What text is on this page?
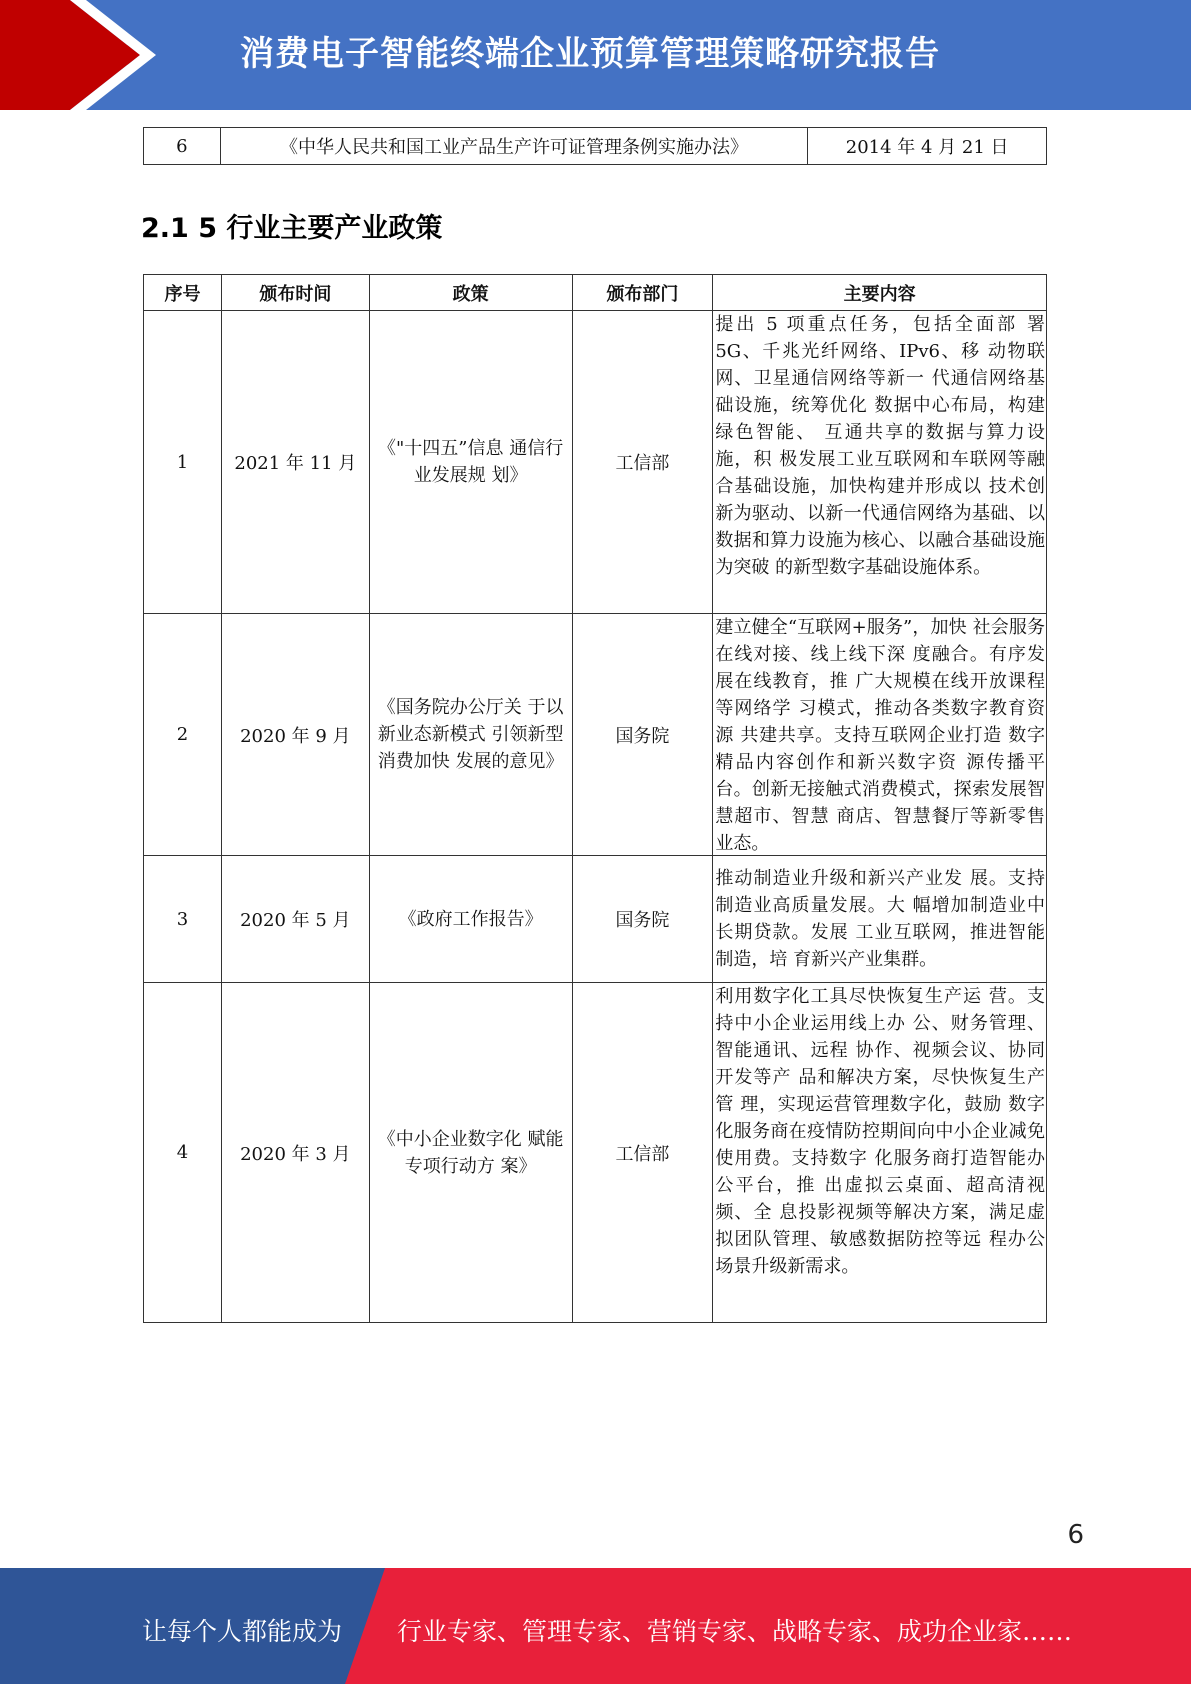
消费电子智能终端企业预算管理策略研究报告
6	《中华人民共和国工业产品生产许可证管理条例实施办法》	2014 年 4 月 21 日
2.1 5 行业主要产业政策
序号	颁布时间	政策	颁布部门	主要内容
1	2021 年 11 月	《"十四五”信息 通信行业发展规 划》	工信部	提出 5 项重点任务，包括全面部 署 5G、千兆光纤网络、IPv6、移 动物联网、卫星通信网络等新一 代通信网络基础设施，统筹优化 数据中心布局，构建绿色智能、 互通共享的数据与算力设施，积 极发展工业互联网和车联网等融 合基础设施，加快构建并形成以 技术创新为驱动、以新一代通信网络为基础、以数据和算力设施为核心、以融合基础设施为突破 的新型数字基础设施体系。

2	2020 年 9 月	《国务院办公厅关 于以新业态新模式 引领新型消费加快 发展的意见》	国务院	建立健全“互联网+服务”，加快 社会服务在线对接、线上线下深 度融合。有序发展在线教育，推 广大规模在线开放课程等网络学 习模式，推动各类数字教育资源 共建共享。支持互联网企业打造 数字精品内容创作和新兴数字资 源传播平台。创新无接触式消费模式，探索发展智慧超市、智慧 商店、智慧餐厅等新零售业态。

3	2020 年 5 月	《政府工作报告》	国务院	推动制造业升级和新兴产业发 展。支持制造业高质量发展。大 幅增加制造业中长期贷款。发展 工业互联网，推进智能制造，培 育新兴产业集群。

4	2020 年 3 月	《中小企业数字化 赋能专项行动方 案》	工信部	利用数字化工具尽快恢复生产运 营。支持中小企业运用线上办 公、财务管理、智能通讯、远程 协作、视频会议、协同开发等产 品和解决方案，尽快恢复生产管 理，实现运营管理数字化，鼓励 数字化服务商在疫情防控期间向中小企业减免使用费。支持数字 化服务商打造智能办公平台，推 出虚拟云桌面、超高清视频、全 息投影视频等解决方案，满足虚 拟团队管理、敏感数据防控等远 程办公场景升级新需求。
6
让每个人都能成为 行业专家、管理专家、营销专家、战略专家、成功企业家……
